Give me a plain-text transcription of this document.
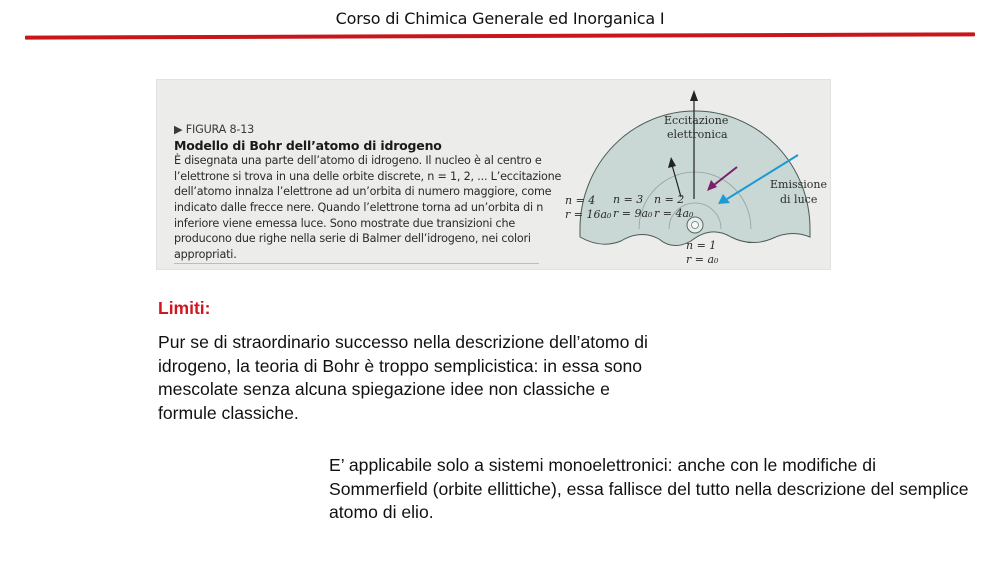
Corso di Chimica Generale ed Inorganica I
▶ FIGURA 8-13
Modello di Bohr dell’atomo di idrogeno
È disegnata una parte dell’atomo di idrogeno. Il nucleo è al centro e l’elettrone si trova in una delle orbite discrete, n = 1, 2, ... L’eccitazione dell’atomo innalza l’elettrone ad un’orbita di numero maggiore, come indicato dalle frecce nere. Quando l’elettrone torna ad un’orbita di n inferiore viene emessa luce. Sono mostrate due transizioni che producono due righe nella serie di Balmer dell’idrogeno, nei colori appropriati.
Eccitazione
elettronica
Emissione
di luce
n = 4
r = 16a₀
n = 3
r = 9a₀
n = 2
r = 4a₀
n = 1
r = a₀
Limiti:
Pur se di straordinario successo nella descrizione dell’atomo di idrogeno, la teoria di Bohr è troppo semplicistica: in essa sono mescolate senza alcuna spiegazione idee non classiche e formule classiche.
E’ applicabile solo a sistemi monoelettronici: anche con le modifiche di Sommerfield (orbite ellittiche), essa fallisce del tutto nella descrizione del semplice atomo di elio.
